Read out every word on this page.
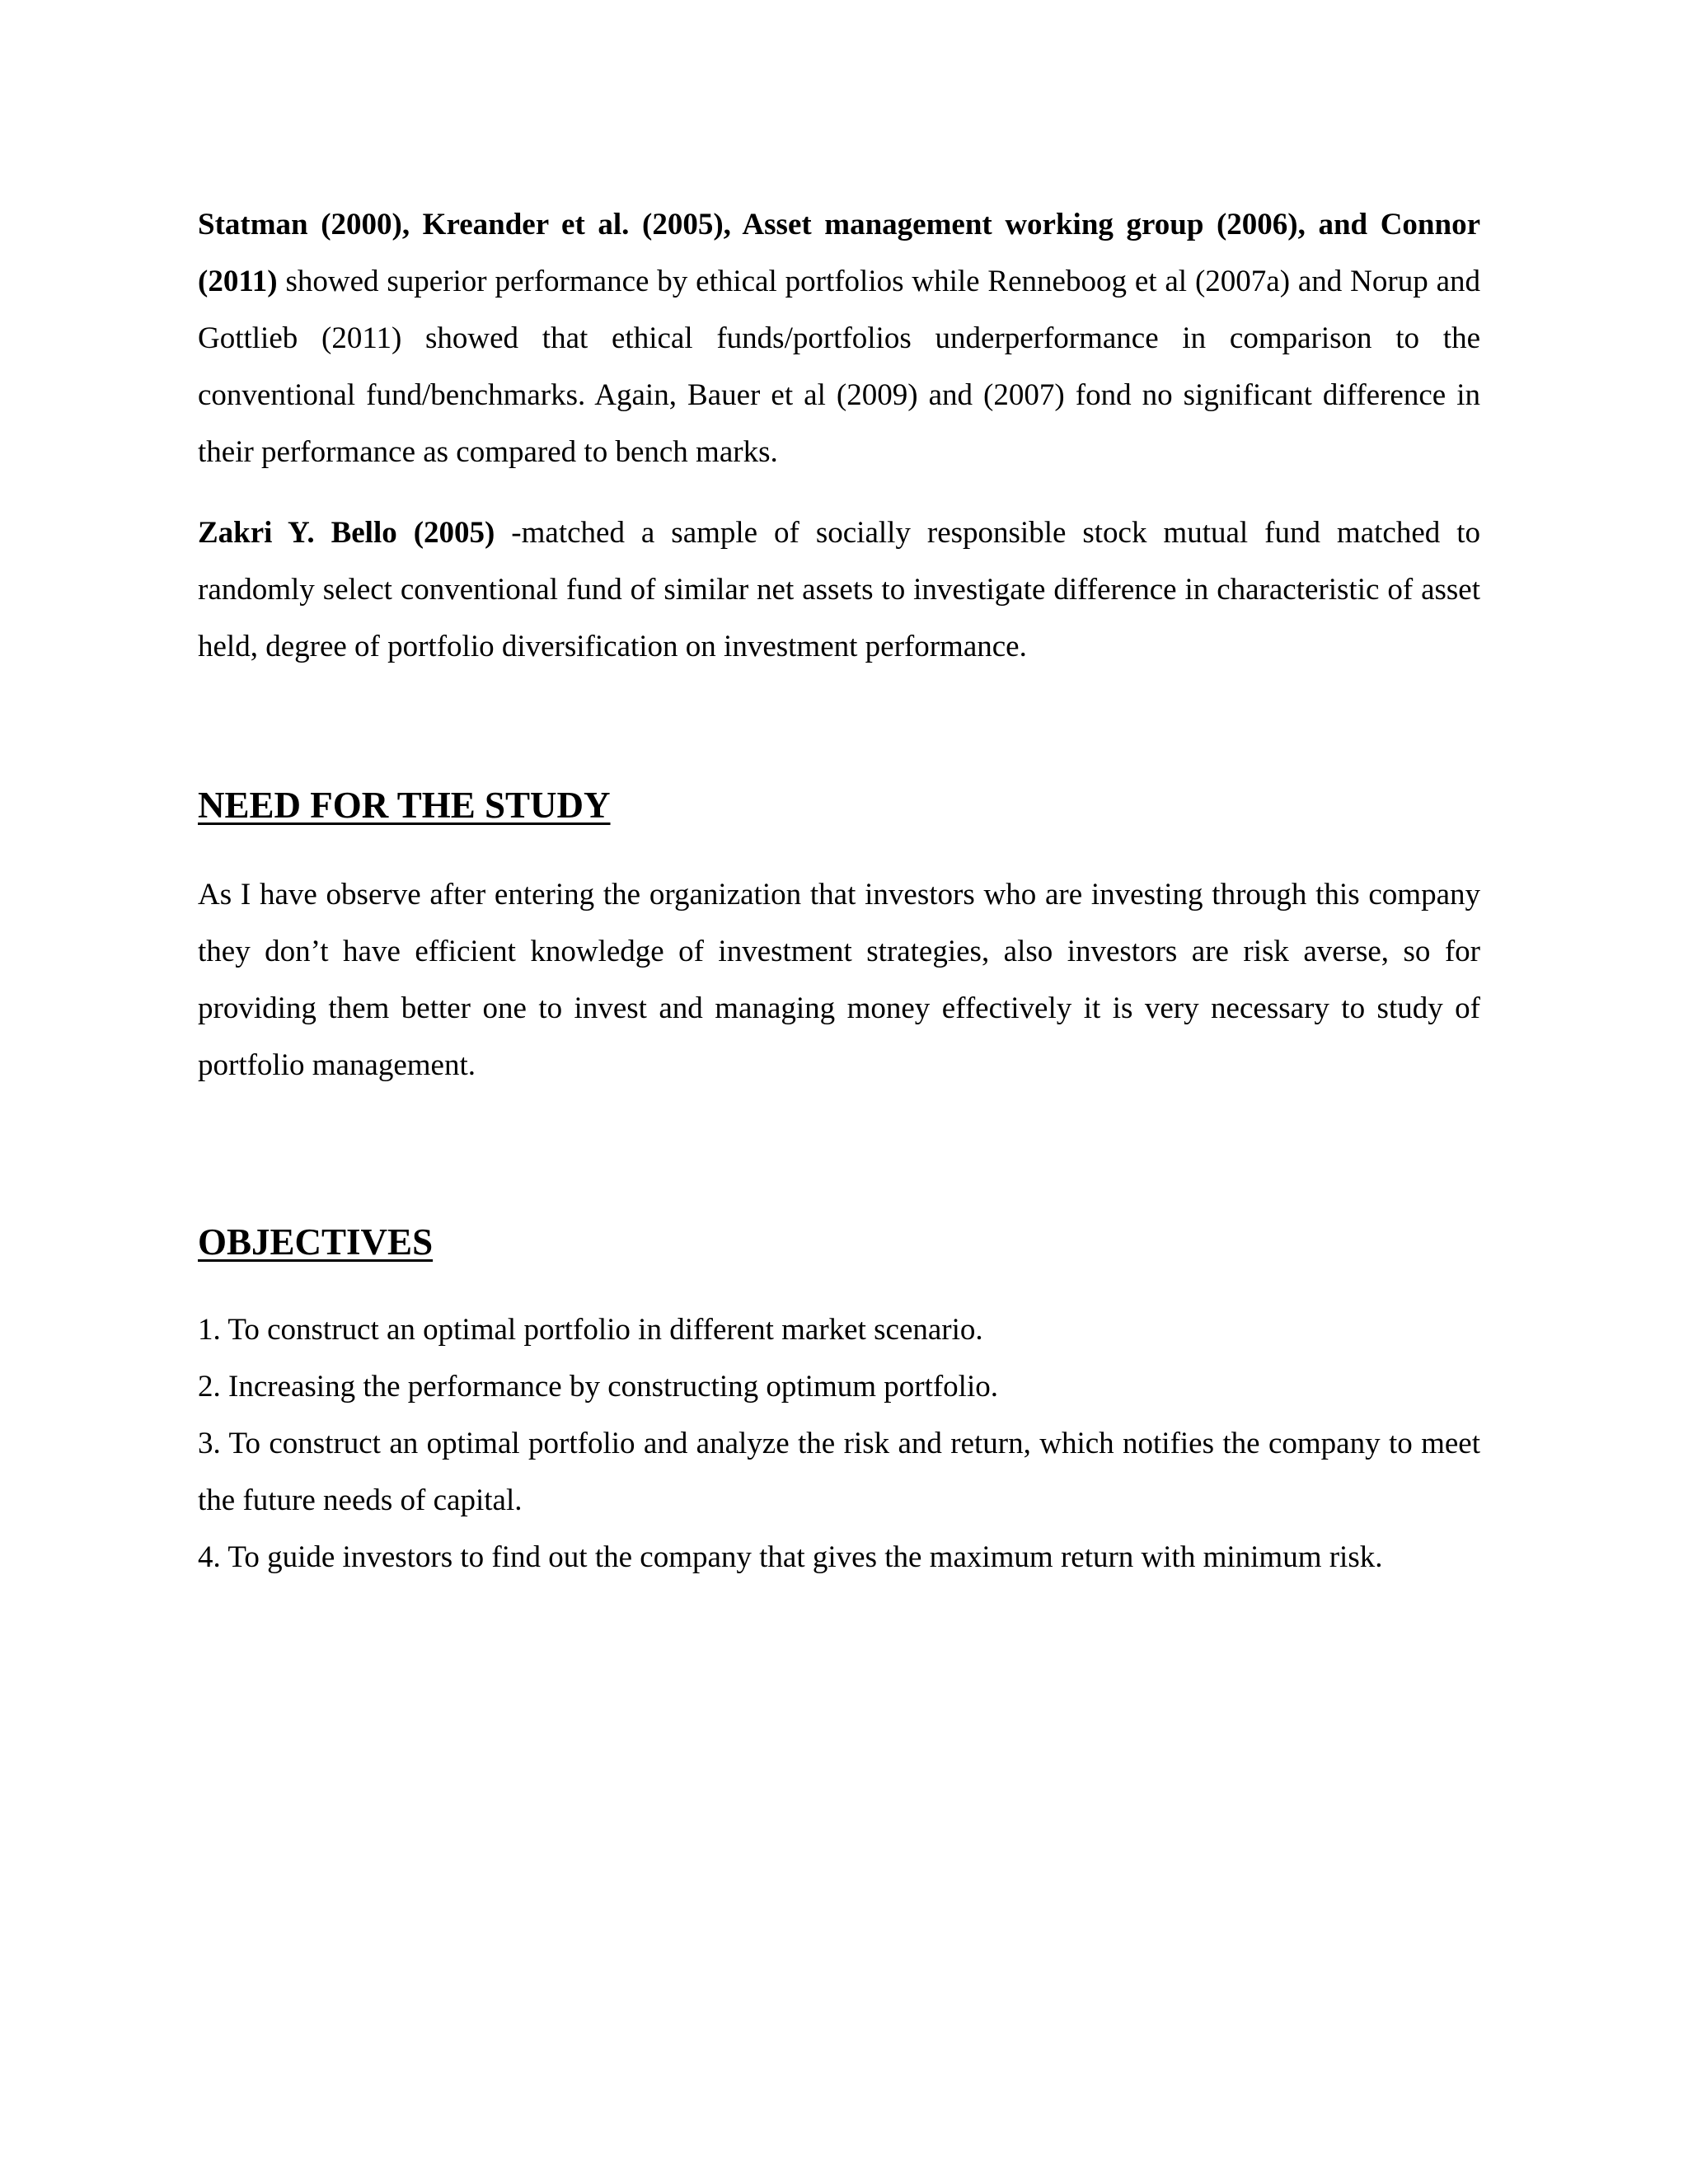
Statman (2000), Kreander et al. (2005), Asset management working group (2006), and Connor (2011) showed superior performance by ethical portfolios while Renneboog et al (2007a) and Norup and Gottlieb (2011) showed that ethical funds/portfolios underperformance in comparison to the conventional fund/benchmarks. Again, Bauer et al (2009) and (2007) fond no significant difference in their performance as compared to bench marks.

Zakri Y. Bello (2005) -matched a sample of socially responsible stock mutual fund matched to randomly select conventional fund of similar net assets to investigate difference in characteristic of asset held, degree of portfolio diversification on investment performance.

NEED FOR THE STUDY

As I have observe after entering the organization that investors who are investing through this company they don’t have efficient knowledge of investment strategies, also investors are risk averse, so for providing them better one to invest and managing money effectively it is very necessary to study of portfolio management.

OBJECTIVES
1. To construct an optimal portfolio in different market scenario.
2. Increasing the performance by constructing optimum portfolio.
3. To construct an optimal portfolio and analyze the risk and return, which notifies the company to meet the future needs of capital.
4. To guide investors to find out the company that gives the maximum return with minimum risk.
